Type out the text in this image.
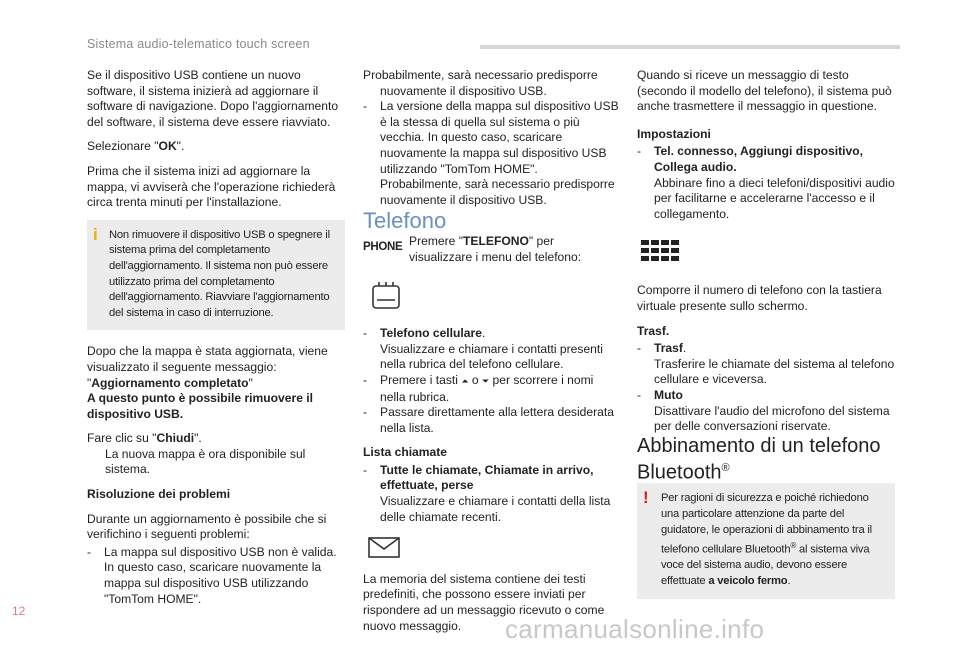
Sistema audio-telematico touch screen

Se il dispositivo USB contiene un nuovo software, il sistema inizierà ad aggiornare il software di navigazione. Dopo l'aggiornamento del software, il sistema deve essere riavviato.

Selezionare "OK".

Prima che il sistema inizi ad aggiornare la mappa, vi avviserà che l'operazione richiederà circa trenta minuti per l'installazione.

i Non rimuovere il dispositivo USB o spegnere il sistema prima del completamento dell'aggiornamento. Il sistema non può essere utilizzato prima del completamento dell'aggiornamento. Riavviare l'aggiornamento del sistema in caso di interruzione.

Dopo che la mappa è stata aggiornata, viene visualizzato il seguente messaggio: "Aggiornamento completato"
A questo punto è possibile rimuovere il dispositivo USB.

Fare clic su "Chiudi".
La nuova mappa è ora disponibile sul sistema.

Risoluzione dei problemi

Durante un aggiornamento è possibile che si verifichino i seguenti problemi:

- La mappa sul dispositivo USB non è valida. In questo caso, scaricare nuovamente la mappa sul dispositivo USB utilizzando "TomTom HOME".
Probabilmente, sarà necessario predisporre nuovamente il dispositivo USB.
- La versione della mappa sul dispositivo USB è la stessa di quella sul sistema o più vecchia. In questo caso, scaricare nuovamente la mappa sul dispositivo USB utilizzando "TomTom HOME". Probabilmente, sarà necessario predisporre nuovamente il dispositivo USB.
Telefono
PHONE Premere "TELEFONO" per visualizzare i menu del telefono:
- Telefono cellulare.
Visualizzare e chiamare i contatti presenti nella rubrica del telefono cellulare.
- Premere i tasti ⏶ o ⏷ per scorrere i nomi nella rubrica.
- Passare direttamente alla lettera desiderata nella lista.
Lista chiamate
- Tutte le chiamate, Chiamate in arrivo, effettuate, perse
Visualizzare e chiamare i contatti della lista delle chiamate recenti.

La memoria del sistema contiene dei testi predefiniti, che possono essere inviati per rispondere ad un messaggio ricevuto o come nuovo messaggio.

Quando si riceve un messaggio di testo (secondo il modello del telefono), il sistema può anche trasmettere il messaggio in questione.

Impostazioni
- Tel. connesso, Aggiungi dispositivo, Collega audio.
Abbinare fino a dieci telefoni/dispositivi audio per facilitarne e accelerarne l'accesso e il collegamento.

Comporre il numero di telefono con la tastiera virtuale presente sullo schermo.

Trasf.
- Trasf.
Trasferire le chiamate del sistema al telefono cellulare e viceversa.
- Muto
Disattivare l'audio del microfono del sistema per delle conversazioni riservate.
Abbinamento di un telefono Bluetooth®
! Per ragioni di sicurezza e poiché richiedono una particolare attenzione da parte del guidatore, le operazioni di abbinamento tra il telefono cellulare Bluetooth® al sistema viva voce del sistema audio, devono essere effettuate a veicolo fermo.
12
carmanualsonline.info
